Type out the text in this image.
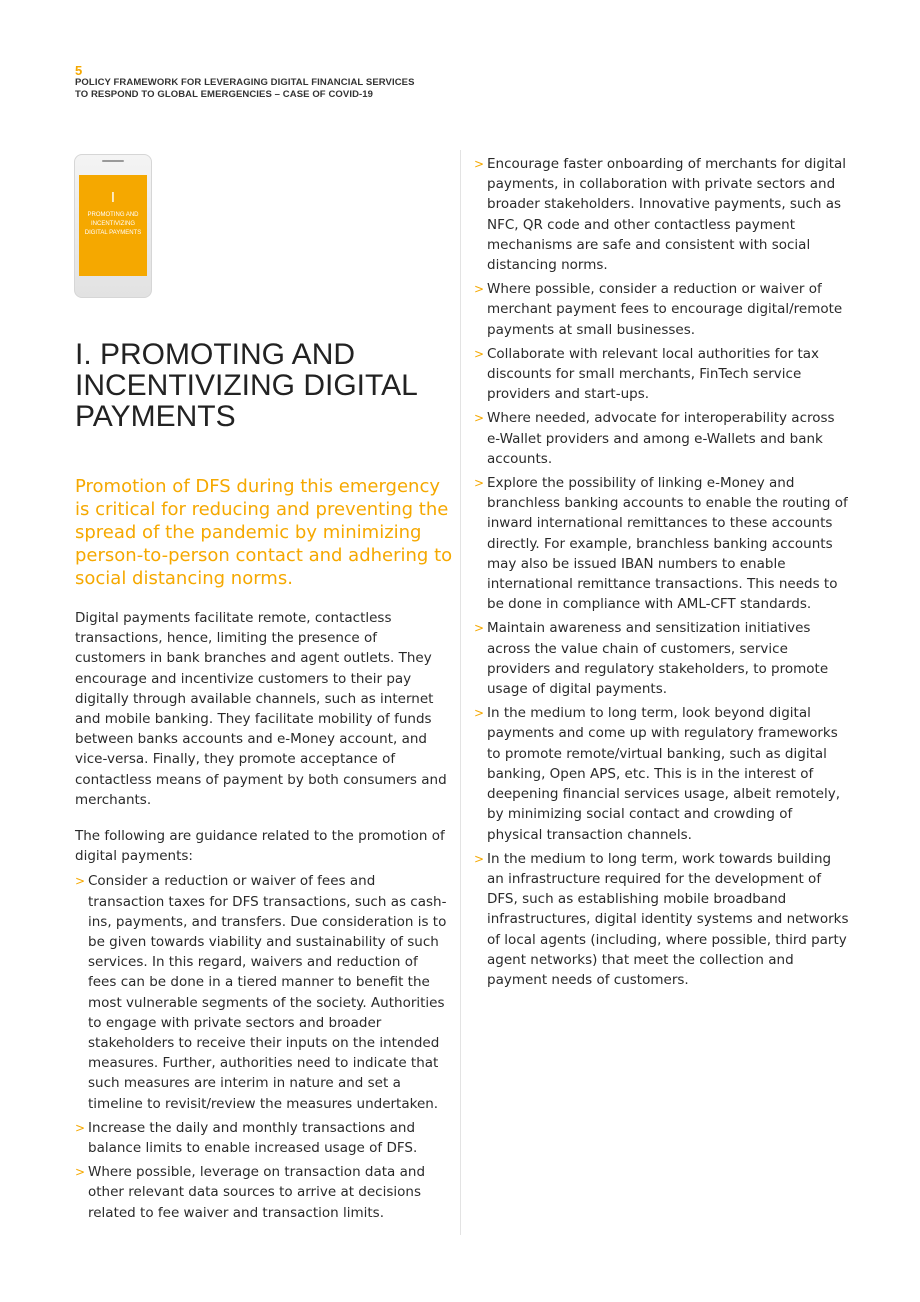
5
POLICY FRAMEWORK FOR LEVERAGING DIGITAL FINANCIAL SERVICES
TO RESPOND TO GLOBAL EMERGENCIES – CASE OF COVID-19
I
PROMOTING AND
INCENTIVIZING
DIGITAL PAYMENTS
I. PROMOTING AND
INCENTIVIZING DIGITAL
PAYMENTS

Promotion of DFS during this emergency is critical for reducing and preventing the spread of the pandemic by minimizing person-to-person contact and adhering to social distancing norms.

Digital payments facilitate remote, contactless transactions, hence, limiting the presence of customers in bank branches and agent outlets. They encourage and incentivize customers to their pay digitally through available channels, such as internet and mobile banking. They facilitate mobility of funds between banks accounts and e-Money account, and vice-versa. Finally, they promote acceptance of contactless means of payment by both consumers and merchants.

The following are guidance related to the promotion of digital payments:

> Consider a reduction or waiver of fees and transaction taxes for DFS transactions, such as cash-ins, payments, and transfers. Due consideration is to be given towards viability and sustainability of such services. In this regard, waivers and reduction of fees can be done in a tiered manner to benefit the most vulnerable segments of the society. Authorities to engage with private sectors and broader stakeholders to receive their inputs on the intended measures. Further, authorities need to indicate that such measures are interim in nature and set a timeline to revisit/review the measures undertaken.
> Increase the daily and monthly transactions and balance limits to enable increased usage of DFS.
> Where possible, leverage on transaction data and other relevant data sources to arrive at decisions related to fee waiver and transaction limits.
> Encourage faster onboarding of merchants for digital payments, in collaboration with private sectors and broader stakeholders. Innovative payments, such as NFC, QR code and other contactless payment mechanisms are safe and consistent with social distancing norms.
> Where possible, consider a reduction or waiver of merchant payment fees to encourage digital/remote payments at small businesses.
> Collaborate with relevant local authorities for tax discounts for small merchants, FinTech service providers and start-ups.
> Where needed, advocate for interoperability across e-Wallet providers and among e-Wallets and bank accounts.
> Explore the possibility of linking e-Money and branchless banking accounts to enable the routing of inward international remittances to these accounts directly. For example, branchless banking accounts may also be issued IBAN numbers to enable international remittance transactions. This needs to be done in compliance with AML-CFT standards.
> Maintain awareness and sensitization initiatives across the value chain of customers, service providers and regulatory stakeholders, to promote usage of digital payments.
> In the medium to long term, look beyond digital payments and come up with regulatory frameworks to promote remote/virtual banking, such as digital banking, Open APS, etc. This is in the interest of deepening financial services usage, albeit remotely, by minimizing social contact and crowding of physical transaction channels.
> In the medium to long term, work towards building an infrastructure required for the development of DFS, such as establishing mobile broadband infrastructures, digital identity systems and networks of local agents (including, where possible, third party agent networks) that meet the collection and payment needs of customers.
